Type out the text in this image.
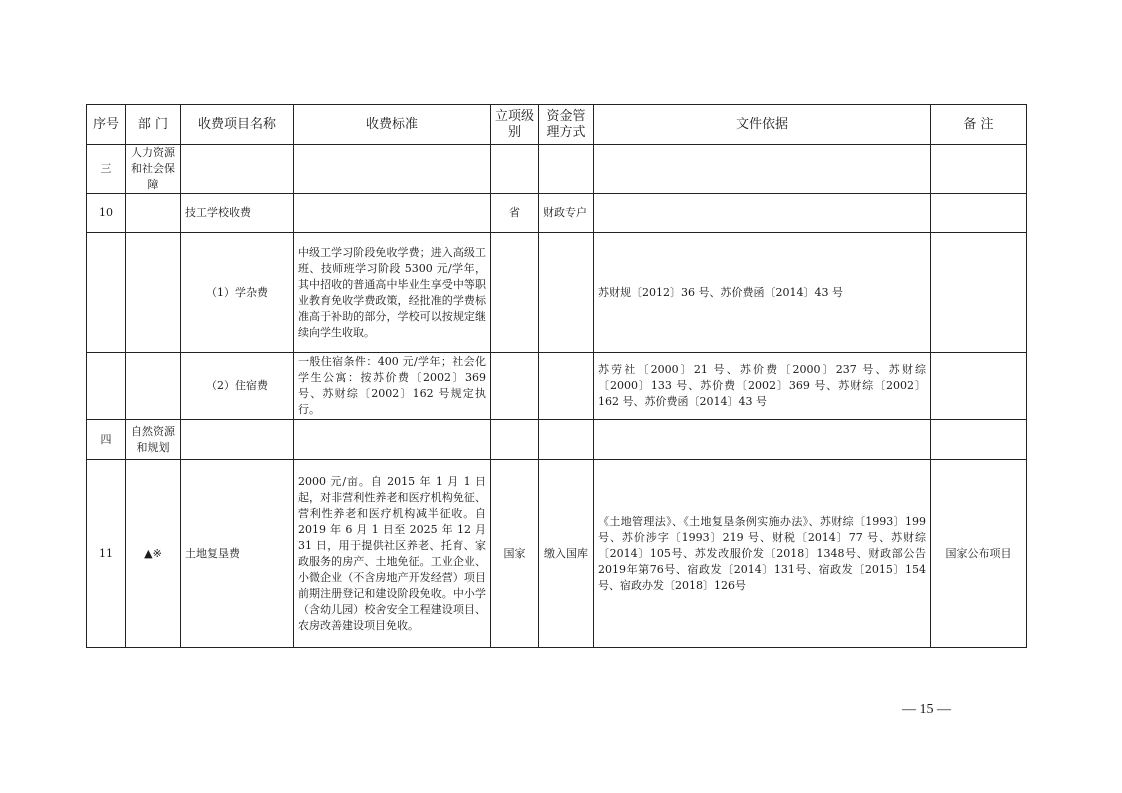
序号	部 门	收费项目名称	收费标准	立项级别	资金管理方式	文件依据	备 注
三	人力资源和社会保障						
10		技工学校收费		省	财政专户		
		（1）学杂费	中级工学习阶段免收学费；进入高级工班、技师班学习阶段 5300 元/学年，其中招收的普通高中毕业生享受中等职业教育免收学费政策，经批准的学费标准高于补助的部分，学校可以按规定继续向学生收取。			苏财规〔2012〕36 号、苏价费函〔2014〕43 号	
		（2）住宿费	一般住宿条件：400 元/学年；社会化学生公寓：按苏价费〔2002〕369 号、苏财综〔2002〕162 号规定执行。			苏劳社〔2000〕21 号、苏价费〔2000〕237 号、苏财综〔2000〕133 号、苏价费〔2002〕369 号、苏财综〔2002〕162 号、苏价费函〔2014〕43 号	
四	自然资源和规划						
11	▲※	土地复垦费	2000 元/亩。自 2015 年 1 月 1 日起，对非营利性养老和医疗机构免征、营利性养老和医疗机构减半征收。自 2019 年 6 月 1 日至 2025 年 12 月 31 日，用于提供社区养老、托育、家政服务的房产、土地免征。工业企业、小微企业（不含房地产开发经营）项目前期注册登记和建设阶段免收。中小学（含幼儿园）校舍安全工程建设项目、农房改善建设项目免收。	国家	缴入国库	《土地管理法》、《土地复垦条例实施办法》、苏财综〔1993〕199 号、苏价涉字〔1993〕219 号、财税〔2014〕77 号、苏财综〔2014〕105号、苏发改服价发〔2018〕1348号、财政部公告2019年第76号、宿政发〔2014〕131号、宿政发〔2015〕154号、宿政办发〔2018〕126号	国家公布项目
— 15 —
